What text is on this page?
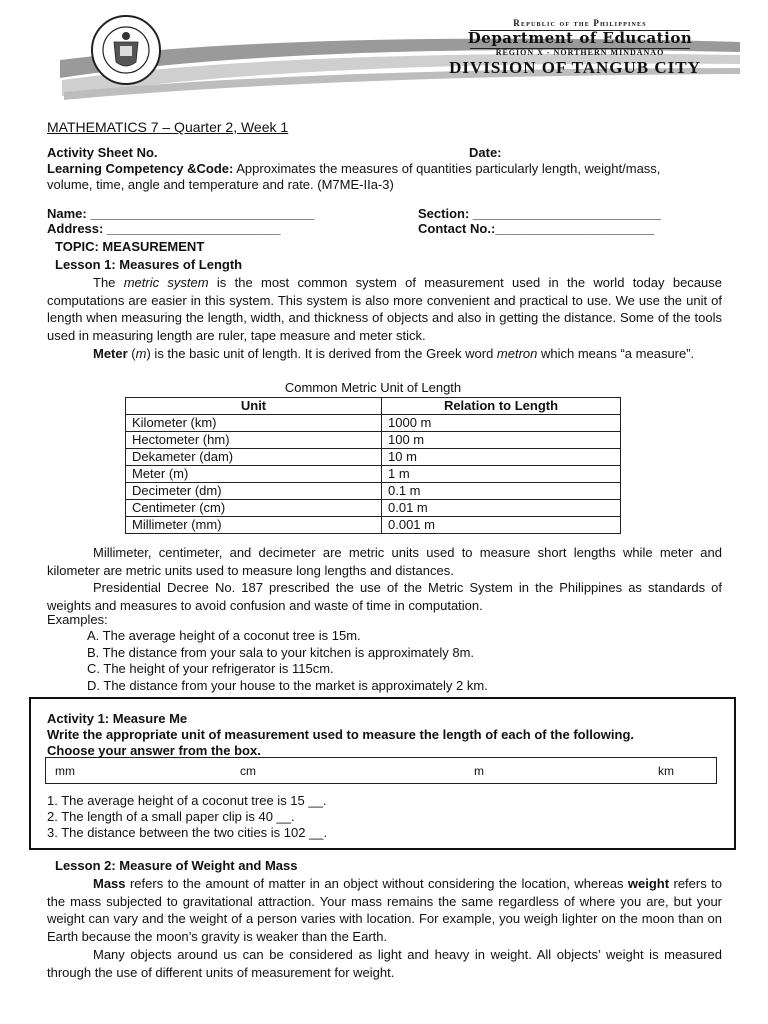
Republic of the Philippines
Department of Education
REGION X - NORTHERN MINDANAO
DIVISION OF TANGUB CITY
MATHEMATICS 7 – Quarter 2, Week 1
Activity Sheet No.	Date:
Learning Competency &Code: Approximates the measures of quantities particularly length, weight/mass,
volume, time, angle and temperature and rate. (M7ME-IIa-3)
Name: _______________________________	Section: __________________________
Address: ________________________	Contact No.:______________________
TOPIC: MEASUREMENT
Lesson 1: Measures of Length
The metric system is the most common system of measurement used in the world today because computations are easier in this system. This system is also more convenient and practical to use. We use the unit of length when measuring the length, width, and thickness of objects and also in getting the distance. Some of the tools used in measuring length are ruler, tape measure and meter stick.
Meter (m) is the basic unit of length. It is derived from the Greek word metron which means “a measure”.
Common Metric Unit of Length
Unit	Relation to Length
Kilometer (km)	1000 m
Hectometer (hm)	100 m
Dekameter (dam)	10 m
Meter (m)	1 m
Decimeter (dm)	0.1 m
Centimeter (cm)	0.01 m
Millimeter (mm)	0.001 m
Millimeter, centimeter, and decimeter are metric units used to measure short lengths while meter and kilometer are metric units used to measure long lengths and distances.
Presidential Decree No. 187 prescribed the use of the Metric System in the Philippines as standards of weights and measures to avoid confusion and waste of time in computation.
Examples:
A. The average height of a coconut tree is 15m.
B. The distance from your sala to your kitchen is approximately 8m.
C. The height of your refrigerator is 115cm.
D. The distance from your house to the market is approximately 2 km.
Activity 1: Measure Me
Write the appropriate unit of measurement used to measure the length of each of the following.
Choose your answer from the box.
mm	cm	m	km
1. The average height of a coconut tree is 15 __.
2. The length of a small paper clip is 40 __.
3. The distance between the two cities is 102 __.
Lesson 2: Measure of Weight and Mass
Mass refers to the amount of matter in an object without considering the location, whereas weight refers to the mass subjected to gravitational attraction. Your mass remains the same regardless of where you are, but your weight can vary and the weight of a person varies with location. For example, you weigh lighter on the moon than on Earth because the moon’s gravity is weaker than the Earth.
Many objects around us can be considered as light and heavy in weight. All objects’ weight is measured through the use of different units of measurement for weight.
